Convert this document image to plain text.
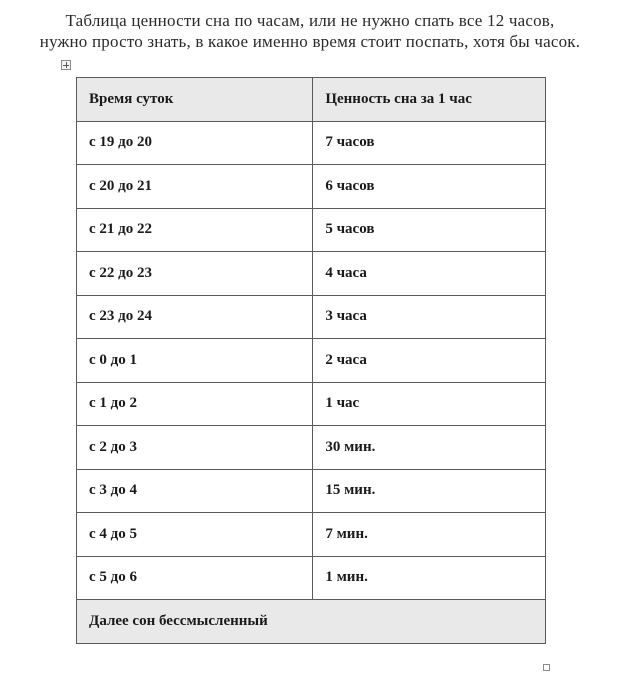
Таблица ценности сна по часам, или не нужно спать все 12 часов,
нужно просто знать, в какое именно время стоит поспать, хотя бы часок.
Время суток	Ценность сна за 1 час
с 19 до 20	7 часов
с 20 до 21	6 часов
с 21 до 22	5 часов
с 22 до 23	4 часа
с 23 до 24	3 часа
с 0 до 1	2 часа
с 1 до 2	1 час
с 2 до 3	30 мин.
с 3 до 4	15 мин.
с 4 до 5	7 мин.
с 5 до 6	1 мин.
Далее сон бессмысленный	
